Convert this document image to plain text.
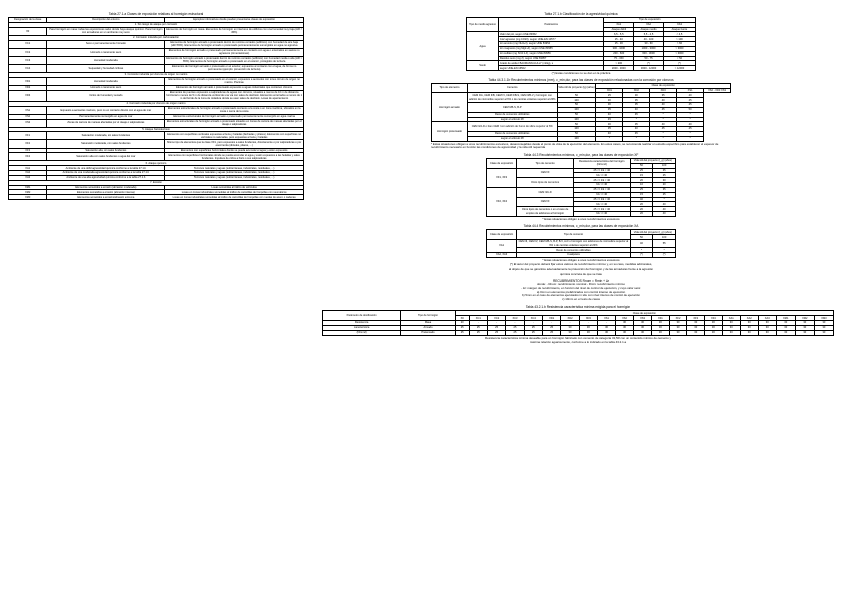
Tabla 27.1.a Clases de exposición relativas al hormigón estructural
Designación de la clase	Descripción del entorno	Ejemplos informativos donde pueden presentarse clases de exposición
1. Sin riesgo de ataque por corrosión		
X0	Para hormigón en masa: todas las exposiciones salvo donde haya ataque químico. Para hormigón con armaduras en un ambiente muy seco	Elementos de hormigón en masa. Elementos de hormigón en interiores de edificios con una humedad muy baja (HR < 45%)
2. Corrosión inducida por carbonatación		
XC1	Seco o permanentemente húmedo	Elementos de hormigón armado o pretensado dentro de recintos cerrados (edificios) con humedad de aire baja (HR<65%). Elementos de hormigón armado o pretensado permanentemente sumergidos en agua no agresiva
XC2	Húmedo o raramente seco	Elementos de hormigón armado o pretensado permanentemente en contacto con agua o enterrados en suelos no agresivos (cimentaciones)
XC3	Humedad moderada	Elementos de hormigón armado o pretensado dentro de recintos cerrados (edificios) con humedad media o alta (HR > 65%). Elementos de hormigón armado o pretensado en el exterior, protegidos de la lluvia
XC4	Sequedad y humedad cíclicas	Elementos de hormigón armado o pretensado en el exterior, expuestos al contacto con el agua, de forma no permanente (ejemplo: prevención de la lluvia)
3. Corrosión inducida por cloruros de origen no marino		
XD1	Humedad moderada	Elementos de hormigón armado o pretensado en el exterior, expuestos a aerosoles con iones cloruro de origen no marino. Piscinas
XD2	Húmedo o raramente seco	Elementos de hormigón armado o pretensado expuestos a aguas industriales que contienen cloruros
XD3	Ciclos de humedad y secado	Elementos de puentes expuestos a salpicaduras de aguas con cloruros, situados a menos de 10 m de distancia horizontal o menos de 5 m de distancia vertical de una vía con sales de deshielo. Elementos enterrados a menos de 1 m del borde de la zona de rodadura donde se usen sales de deshielo. Losas de aparcamiento
4. Corrosión inducida por cloruros de origen marino		
XS1	Expuesto a aerosoles marinos, pero no en contacto directo con el agua de mar	Elementos estructurales de hormigón armado o pretensado cercanos a la costa o en zona marítima, ubicados en la costa o cerca de la costa
XS2	Permanentemente sumergido en agua de mar	Elementos estructurales de hormigón armado o pretensado permanentemente sumergido en agua marina
XS3	Zonas de carrera de mareas afectadas por el oleaje o salpicaduras	Elementos estructurales de hormigón armado o pretensado situados en zonas de carrera de mareas afectadas por el oleaje o salpicaduras
5. Ataque hielo/deshielo		
XF1	Saturación moderada, sin sales fundentes	Elementos con superficies verticales expuestas a lluvia y heladas (fachadas y pilares). Elementos con superficies no verticales no saturadas, pero expuestas a lluvia y heladas
XF2	Saturación moderada, con sales fundentes	Mismo tipo de elementos que la clase XF1, pero expuestos a sales fundentes, directamente o por salpicaduras o por escorrentía (dinteles, pilares, ...)
XF3	Saturación alta, sin sales fundentes	Elementos con superficies horizontales donde se pueda acumular el agua y estén expuestos
XF4	Saturación alta con sales fundentes o agua del mar	Elementos con superficies horizontales donde se pueda acumular el agua y estén expuestos a las heladas y sales fundentes. Impulsos de ciclos a hielo o sus salpicaduras
6. Ataque químico		
XA1	Ambiente de una débil agresividad química conforme a la tabla 27.1.b	Terrenos naturales y aguas (subterráneas, industriales, residuales, ...)
XA2	Ambiente de una moderada agresividad química conforme a la tabla 27.1.b	Terrenos naturales y aguas (subterráneas, industriales, residuales, ...)
XA3	Ambiente de una alta agresividad química conforme a la tabla 27.1.b	Terrenos naturales y aguas (subterráneas, industriales, residuales, ...)
7. Erosión		
XM1	Elementos sometidos a erosión (abrasión moderada)	Losas sometidas al tráfico de vehículos
XM2	Elementos sometidos a erosión (abrasión intensa)	Losas en zonas industriales sometidas al tráfico de carretillas de horquillas con neumáticos
XM3	Elementos sometidos a erosión/abrasión extrema	Losas en zonas industriales sometidas al tráfico de carretillas de horquillas con ruedas de acero o cadenas
Tabla 27.1.b Clasificación de la agresividad química
Tipo de medio agresivo	Parámetros	Tipo de exposición		
		XA1	XA2	XA3
		Ataque débil	Ataque medio	Ataque fuerte
Agua	Valor del pH, según UNE 83952	6,5 - 5,5	5,5 - 4,5	< 4,5
	Co2 agresivo (mg CO2/l), según UNE-EN 13577	15 - 40	40 - 100	> 100
	Ion amonio (mg NH4+/l), según UNE 83954	15 - 30	30 - 60	> 60
	Ion magnesio (mg Mg2+/l), según UNE 83955	300 - 1000	1000 - 3000	> 3000
	Ion sulfato (mg SO4 2-/l), según UNE 83956	200 - 600	600 - 3000	> 3000
	Residuo seco (mg /l), según UNE 83957	75 - 150	50 - 75	< 50
Suelo	Grado de acidez BAUMANN-GULLY (ml/kg), s	> 200	(*)	(*)
	según UNE-EN 16502	2000 - 3000	3000 - 12000	> 12000
(*) Estas condiciones no se dan en la práctica
Tabla 44.3.1.1b Recubrimientos mínimos (mm), c_min,dur, para las clases de exposición relacionadas con la corrosión por cloruros
Tipo de elemento	Cemento	Vida útil de proyecto (tg) (años)	Clase de exposición				
			XD1	XD2	XD3	XS1	XS2 - XD3 XS3
Hormigón armado	CEM II/A, CEM II/B, CEM IV, CEM II/B-S, CEM II/B-V y hormigón con adición de microsílice superior al 6% o de cenizas volantes superior al 20%	50	25	30	35	40	
		100	30	35	40	45	
	CEM II/B-S, B-P	50	30	35	40	45	
		100	35	40	45	50	
	Resto de cementos utilizables	50	40	45	*	*	
	según el artículo 28	100	45	*	*	*	
Hormigón pretensado	CEM II/A-D o bien CEM I con adición de humo de sílice superior al 6%	50	30	35	40	40	
		100	35	40	45	45	
	Resto de cementos utilizables	50	40	45	*	*	
	según el artículo 28	100	*	*	*	*	
* Estas situaciones obligan a unos recubrimientos excesivos, desaconsejables desde el punto de vista de la ejecución del elemento. En estos casos, se recomienda realizar un estudio específico para establecer el espesor de recubrimiento necesario en función las condiciones de agresividad y la vida útil requerida
Tabla 44.3 Recubrimientos mínimos, c_min,dur, para las clases de exposición XF
Clase de exposición	Tipo de cemento	Resistencia característica del hormigón (N/mm2)	Vida útil del proyecto (t_g) (años)	
			50	100
XF1, XF3	CEM III	25 <= fck < 40	25	35
		fck >= 40	15	25
	Otros tipos de cementos	25 <= fck < 40	20	30
		fck >= 40	10	20
XF2, XF4	CEM II/A-D	25 <= fck < 40	25	35
		fck >= 40	15	25
	CEM III	25 <= fck < 40	40	*
		fck >= 40	20	40
	Otros tipos de cementos o en el caso de empleo de adiciones al hormigón	25 <= fck < 40	20	40
		fck >= 40	20	40
* Estas situaciones obligan a unos recubrimientos excesivos
Tabla 44.4 Recubrimientos mínimos, c_min,dur, para las clases de exposición XA
Clase de exposición	Tipo de cemento	Vida útil del proyecto (t_g) (años)	
		50	100
XA1	CEM III, CEM IV, CEM II/B-S, B-P, B-V, A-D u hormigón con adiciones de microsílice superior al 6% o de cenizas volantes superior al 20%	40	55
	Resto de cementos utilizables	*	*
XA2, XA3	Cualquiera	(*)	(*)
* Estas situaciones obligan a unos recubrimientos excesivos
(*) El autor del proyecto deberá fijar estos valores de recubrimiento mínimo y, en su caso, medidas adicionales,
al objeto de que se garantice adecuadamente la protección del hormigón y de las armaduras frente a la agresión
química concreta de que se trate
RECUBRIMIENTOS Rnom = Rmin + Δr
donde: - Rnom: recubrimiento nominal - Rmin: recubrimiento mínimo
- Δr: margen de recubrimiento, en función del nivel de control de ejecución, y cuyo valor será:
a) 0mm en elementos prefabricados con control intenso de ejecución
b) 5mm en el caso de elementos ejecutados in situ con nivel intenso de control de ejecución
c) 10mm en el resto de casos
Tabla 43.2.1.b Resistencia característica mínima exigida para el hormigón
Parámetro de dosificación	Tipo de hormigón	Clase de exposición																				
		X0	XC1	XC2	XC3	XC4	XD1	XD2	XD3	XS1	XS2	XS3	XF1	XF2	XF3	XF4	XA1	XA2	XA3	XM1	XM2	XM3
Resistencia	Masa	20	-	-	-	-	-	-	-	-	30	30	30	30	30	30	30	30	30	30	30	30
característica	Armado	25	25	25	25	25	25	30	30	30	30	30	30	30	30	30	30	30	30	30	30	30
(N/mm2)	Pretensado	25	25	25	25	25	25	30	30	30	30	30	30	30	30	30	30	30	30	30	30	30
Resistencia característica mínima deseable para un hormigón fabricado con cemento de categoría 32,5R con un contenido mínimo de cemento y
máxima relación agua/cemento, conforme a lo indicado en la tabla 43.2.1.a
